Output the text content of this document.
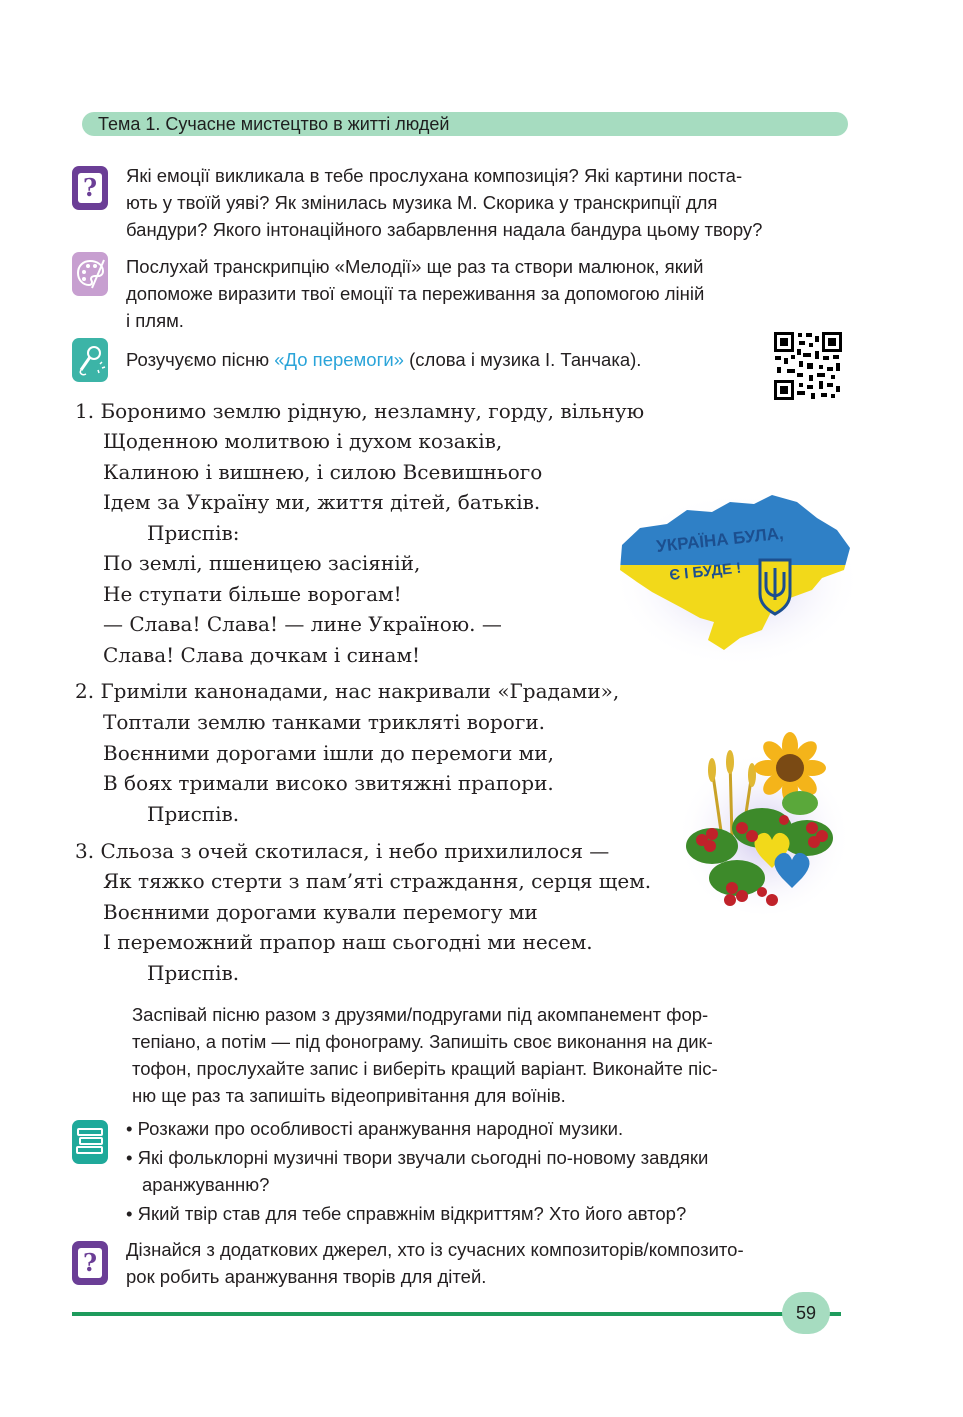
Тема 1. Сучасне мистецтво в житті людей
? Які емоції викликала в тебе прослухана композиція? Які картини поста-
ють у твоїй уяві? Як змінилась музика М. Скорика у транскрипції для
бандури? Якого інтонаційного забарвлення надала бандура цьому твору?
Послухай транскрипцію «Мелодії» ще раз та створи малюнок, який
допоможе виразити твої емоції та переживання за допомогою ліній
і плям.
Розучуємо пісню «До перемоги» (слова і музика І. Танчака).
1. Боронимо землю рідную, незламну, горду, вільную
Щоденною молитвою і духом козаків,
Калиною і вишнею, і силою Всевишнього
Ідем за Україну ми, життя дітей, батьків.
Приспів:
По землі, пшеницею засіяній,
Не ступати більше ворогам!
— Слава! Слава! — лине Україною. —
Слава! Слава дочкам і синам!
2. Гриміли канонадами, нас накривали «Градами»,
Топтали землю танками трикляті вороги.
Воєнними дорогами ішли до перемоги ми,
В боях тримали високо звитяжні прапори.
Приспів.
3. Сльоза з очей скотилася, і небо прихилилося —
Як тяжко стерти з пам’яті страждання, серця щем.
Воєнними дорогами кували перемогу ми
І переможний прапор наш сьогодні ми несем.
Приспів.
УКРАЇНА БУЛА,
Є І БУДЕ !
Заспівай пісню разом з друзями/подругами під акомпанемент фор-
тепіано, а потім — під фонограму. Запишіть своє виконання на дик-
тофон, прослухайте запис і виберіть кращий варіант. Виконайте піс-
ню ще раз та запишіть відеопривітання для воїнів.
• Розкажи про особливості аранжування народної музики.
• Які фольклорні музичні твори звучали сьогодні по-новому завдяки
аранжуванню?
• Який твір став для тебе справжнім відкриттям? Хто його автор?
? Дізнайся з додаткових джерел, хто із сучасних композиторів/композито-
рок робить аранжування творів для дітей.
59
